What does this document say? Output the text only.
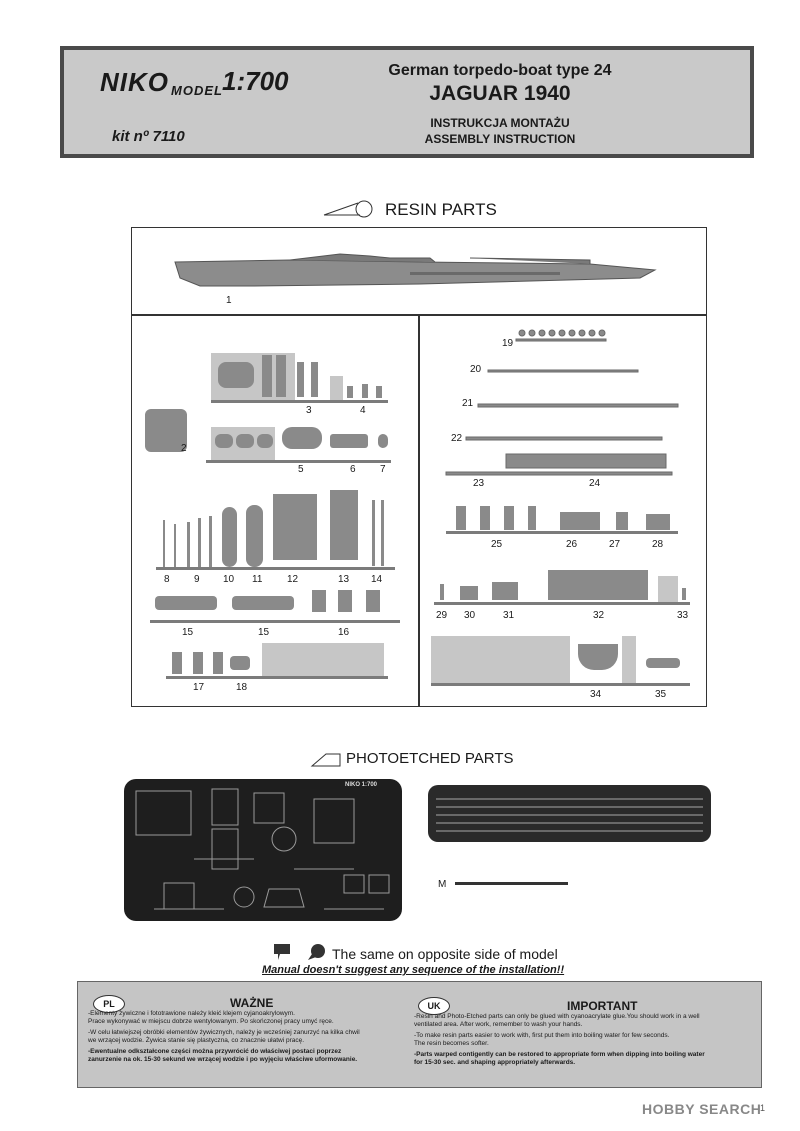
NIKO MODEL 1:700
kit nº 7110
German torpedo-boat type 24
JAGUAR 1940
INSTRUKCJA MONTAŻU
ASSEMBLY INSTRUCTION
RESIN PARTS
1
3	4
2
5	6 7
8 9 10 11 12	13 14
15	15	16
17	18
19
20
21
22
23	24
25	26	27	28
29 30	31	32	33
34	35
PHOTOETCHED PARTS
NIKO 1:700
M
The same on opposite side of model
Manual doesn't suggest any sequence of the installation!!
PL	WAŻNE
-Elementy żywiczne i fototrawione należy kleić klejem cyjanoakrylowym.
Prace wykonywać w miejscu dobrze wentylowanym. Po skończonej pracy umyć ręce.
-W celu łatwiejszej obróbki elementów żywicznych, należy je wcześniej zanurzyć na kilka chwil
we wrzącej wodzie. Żywica stanie się plastyczna, co znacznie ułatwi pracę.
-Ewentualne odkształcone części można przywrócić do właściwej postaci poprzez
zanurzenie na ok. 15-30 sekund we wrzącej wodzie i po wyjęciu właściwe uformowanie.
UK	IMPORTANT
-Resin and Photo-Etched parts can only be glued with cyanoacrylate glue.You should work in a well
ventilated area. After work, remember to wash your hands.
-To make resin parts easier to work with, first put them into boiling water for few seconds.
The resin becomes softer.
-Parts warped contigently can be restored to appropriate form when dipping into boiling water
for 15-30 sec. and shaping appropriately afterwards.
HOBBY SEARCH
1
